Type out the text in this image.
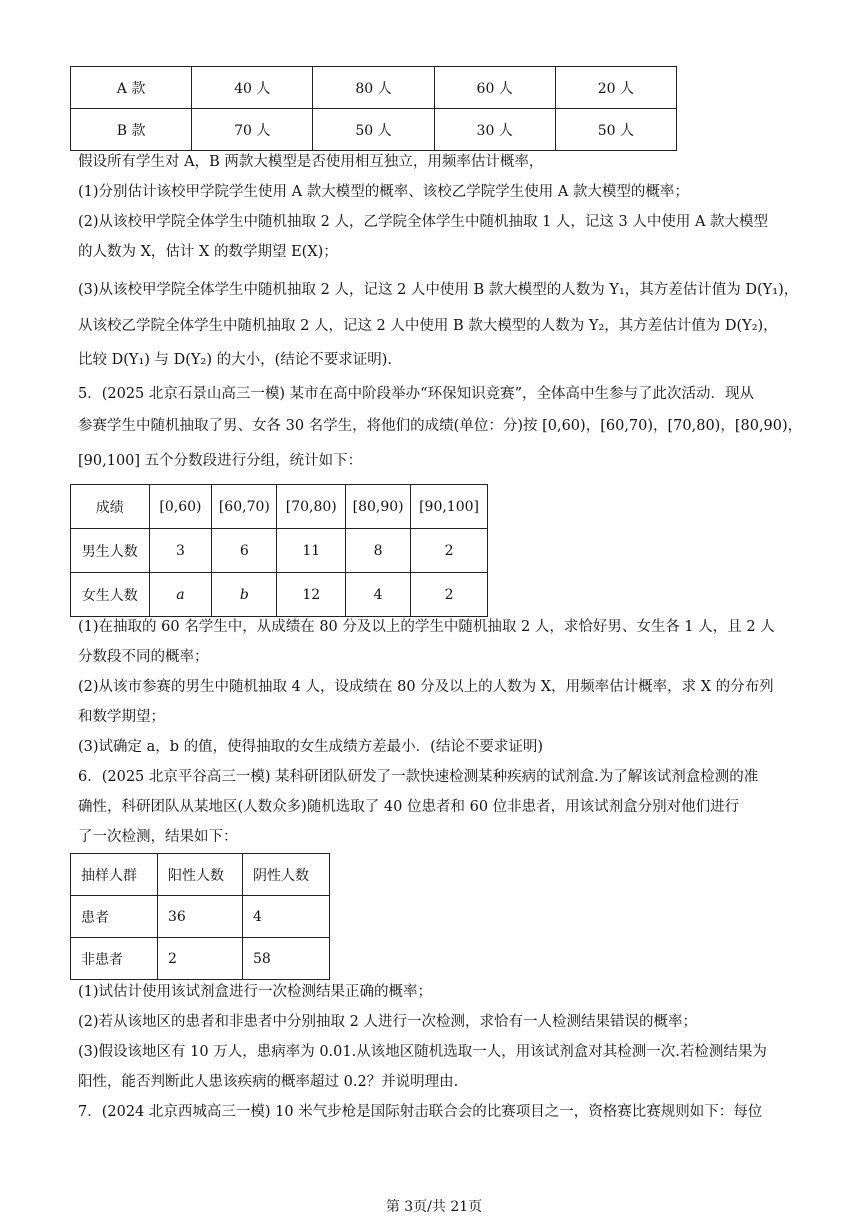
A 款	40 人	80 人	60 人	20 人
B 款	70 人	50 人	30 人	50 人
假设所有学生对 A，B 两款大模型是否使用相互独立，用频率估计概率，
(1)分别估计该校甲学院学生使用 A 款大模型的概率、该校乙学院学生使用 A 款大模型的概率；
(2)从该校甲学院全体学生中随机抽取 2 人，乙学院全体学生中随机抽取 1 人，记这 3 人中使用 A 款大模型
的人数为 X，估计 X 的数学期望 E(X)；
(3)从该校甲学院全体学生中随机抽取 2 人，记这 2 人中使用 B 款大模型的人数为 Y₁，其方差估计值为 D(Y₁)，
从该校乙学院全体学生中随机抽取 2 人，记这 2 人中使用 B 款大模型的人数为 Y₂，其方差估计值为 D(Y₂)，
比较 D(Y₁) 与 D(Y₂) 的大小，(结论不要求证明)．
5．(2025 北京石景山高三一模) 某市在高中阶段举办“环保知识竞赛”，全体高中生参与了此次活动．现从
参赛学生中随机抽取了男、女各 30 名学生，将他们的成绩(单位：分)按 [0,60)，[60,70)，[70,80)，[80,90)，
[90,100] 五个分数段进行分组，统计如下：
成绩	[0,60)	[60,70)	[70,80)	[80,90)	[90,100]
男生人数	3	6	11	8	2
女生人数	a	b	12	4	2
(1)在抽取的 60 名学生中，从成绩在 80 分及以上的学生中随机抽取 2 人，求恰好男、女生各 1 人，且 2 人
分数段不同的概率；
(2)从该市参赛的男生中随机抽取 4 人，设成绩在 80 分及以上的人数为 X，用频率估计概率，求 X 的分布列
和数学期望；
(3)试确定 a，b 的值，使得抽取的女生成绩方差最小．(结论不要求证明)
6．(2025 北京平谷高三一模) 某科研团队研发了一款快速检测某种疾病的试剂盒.为了解该试剂盒检测的准
确性，科研团队从某地区(人数众多)随机选取了 40 位患者和 60 位非患者，用该试剂盒分别对他们进行
了一次检测，结果如下：
抽样人群	阳性人数	阴性人数
患者	36	4
非患者	2	58
(1)试估计使用该试剂盒进行一次检测结果正确的概率；
(2)若从该地区的患者和非患者中分别抽取 2 人进行一次检测，求恰有一人检测结果错误的概率；
(3)假设该地区有 10 万人，患病率为 0.01.从该地区随机选取一人，用该试剂盒对其检测一次.若检测结果为
阳性，能否判断此人患该疾病的概率超过 0.2？并说明理由.
7．(2024 北京西城高三一模) 10 米气步枪是国际射击联合会的比赛项目之一，资格赛比赛规则如下：每位
第 3页/共 21页
